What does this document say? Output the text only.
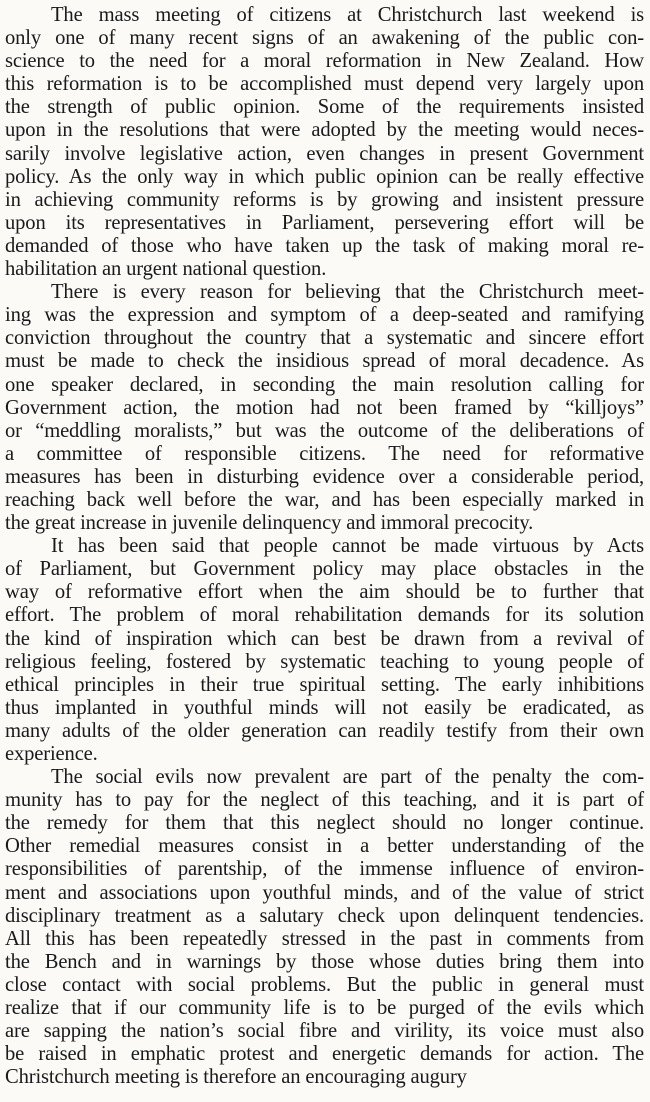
The mass meeting of citizens at Christchurch last weekend is
only one of many recent signs of an awakening of the public con-
science to the need for a moral reformation in New Zealand. How
this reformation is to be accomplished must depend very largely upon
the strength of public opinion. Some of the requirements insisted
upon in the resolutions that were adopted by the meeting would neces-
sarily involve legislative action, even changes in present Government
policy. As the only way in which public opinion can be really effective
in achieving community reforms is by growing and insistent pressure
upon its representatives in Parliament, persevering effort will be
demanded of those who have taken up the task of making moral re-
habilitation an urgent national question.
There is every reason for believing that the Christchurch meet-
ing was the expression and symptom of a deep-seated and ramifying
conviction throughout the country that a systematic and sincere effort
must be made to check the insidious spread of moral decadence. As
one speaker declared, in seconding the main resolution calling for
Government action, the motion had not been framed by “killjoys”
or “meddling moralists,” but was the outcome of the deliberations of
a committee of responsible citizens. The need for reformative
measures has been in disturbing evidence over a considerable period,
reaching back well before the war, and has been especially marked in
the great increase in juvenile delinquency and immoral precocity.
It has been said that people cannot be made virtuous by Acts
of Parliament, but Government policy may place obstacles in the
way of reformative effort when the aim should be to further that
effort. The problem of moral rehabilitation demands for its solution
the kind of inspiration which can best be drawn from a revival of
religious feeling, fostered by systematic teaching to young people of
ethical principles in their true spiritual setting. The early inhibitions
thus implanted in youthful minds will not easily be eradicated, as
many adults of the older generation can readily testify from their own
experience.
The social evils now prevalent are part of the penalty the com-
munity has to pay for the neglect of this teaching, and it is part of
the remedy for them that this neglect should no longer continue.
Other remedial measures consist in a better understanding of the
responsibilities of parentship, of the immense influence of environ-
ment and associations upon youthful minds, and of the value of strict
disciplinary treatment as a salutary check upon delinquent tendencies.
All this has been repeatedly stressed in the past in comments from
the Bench and in warnings by those whose duties bring them into
close contact with social problems. But the public in general must
realize that if our community life is to be purged of the evils which
are sapping the nation’s social fibre and virility, its voice must also
be raised in emphatic protest and energetic demands for action. The
Christchurch meeting is therefore an encouraging augury
